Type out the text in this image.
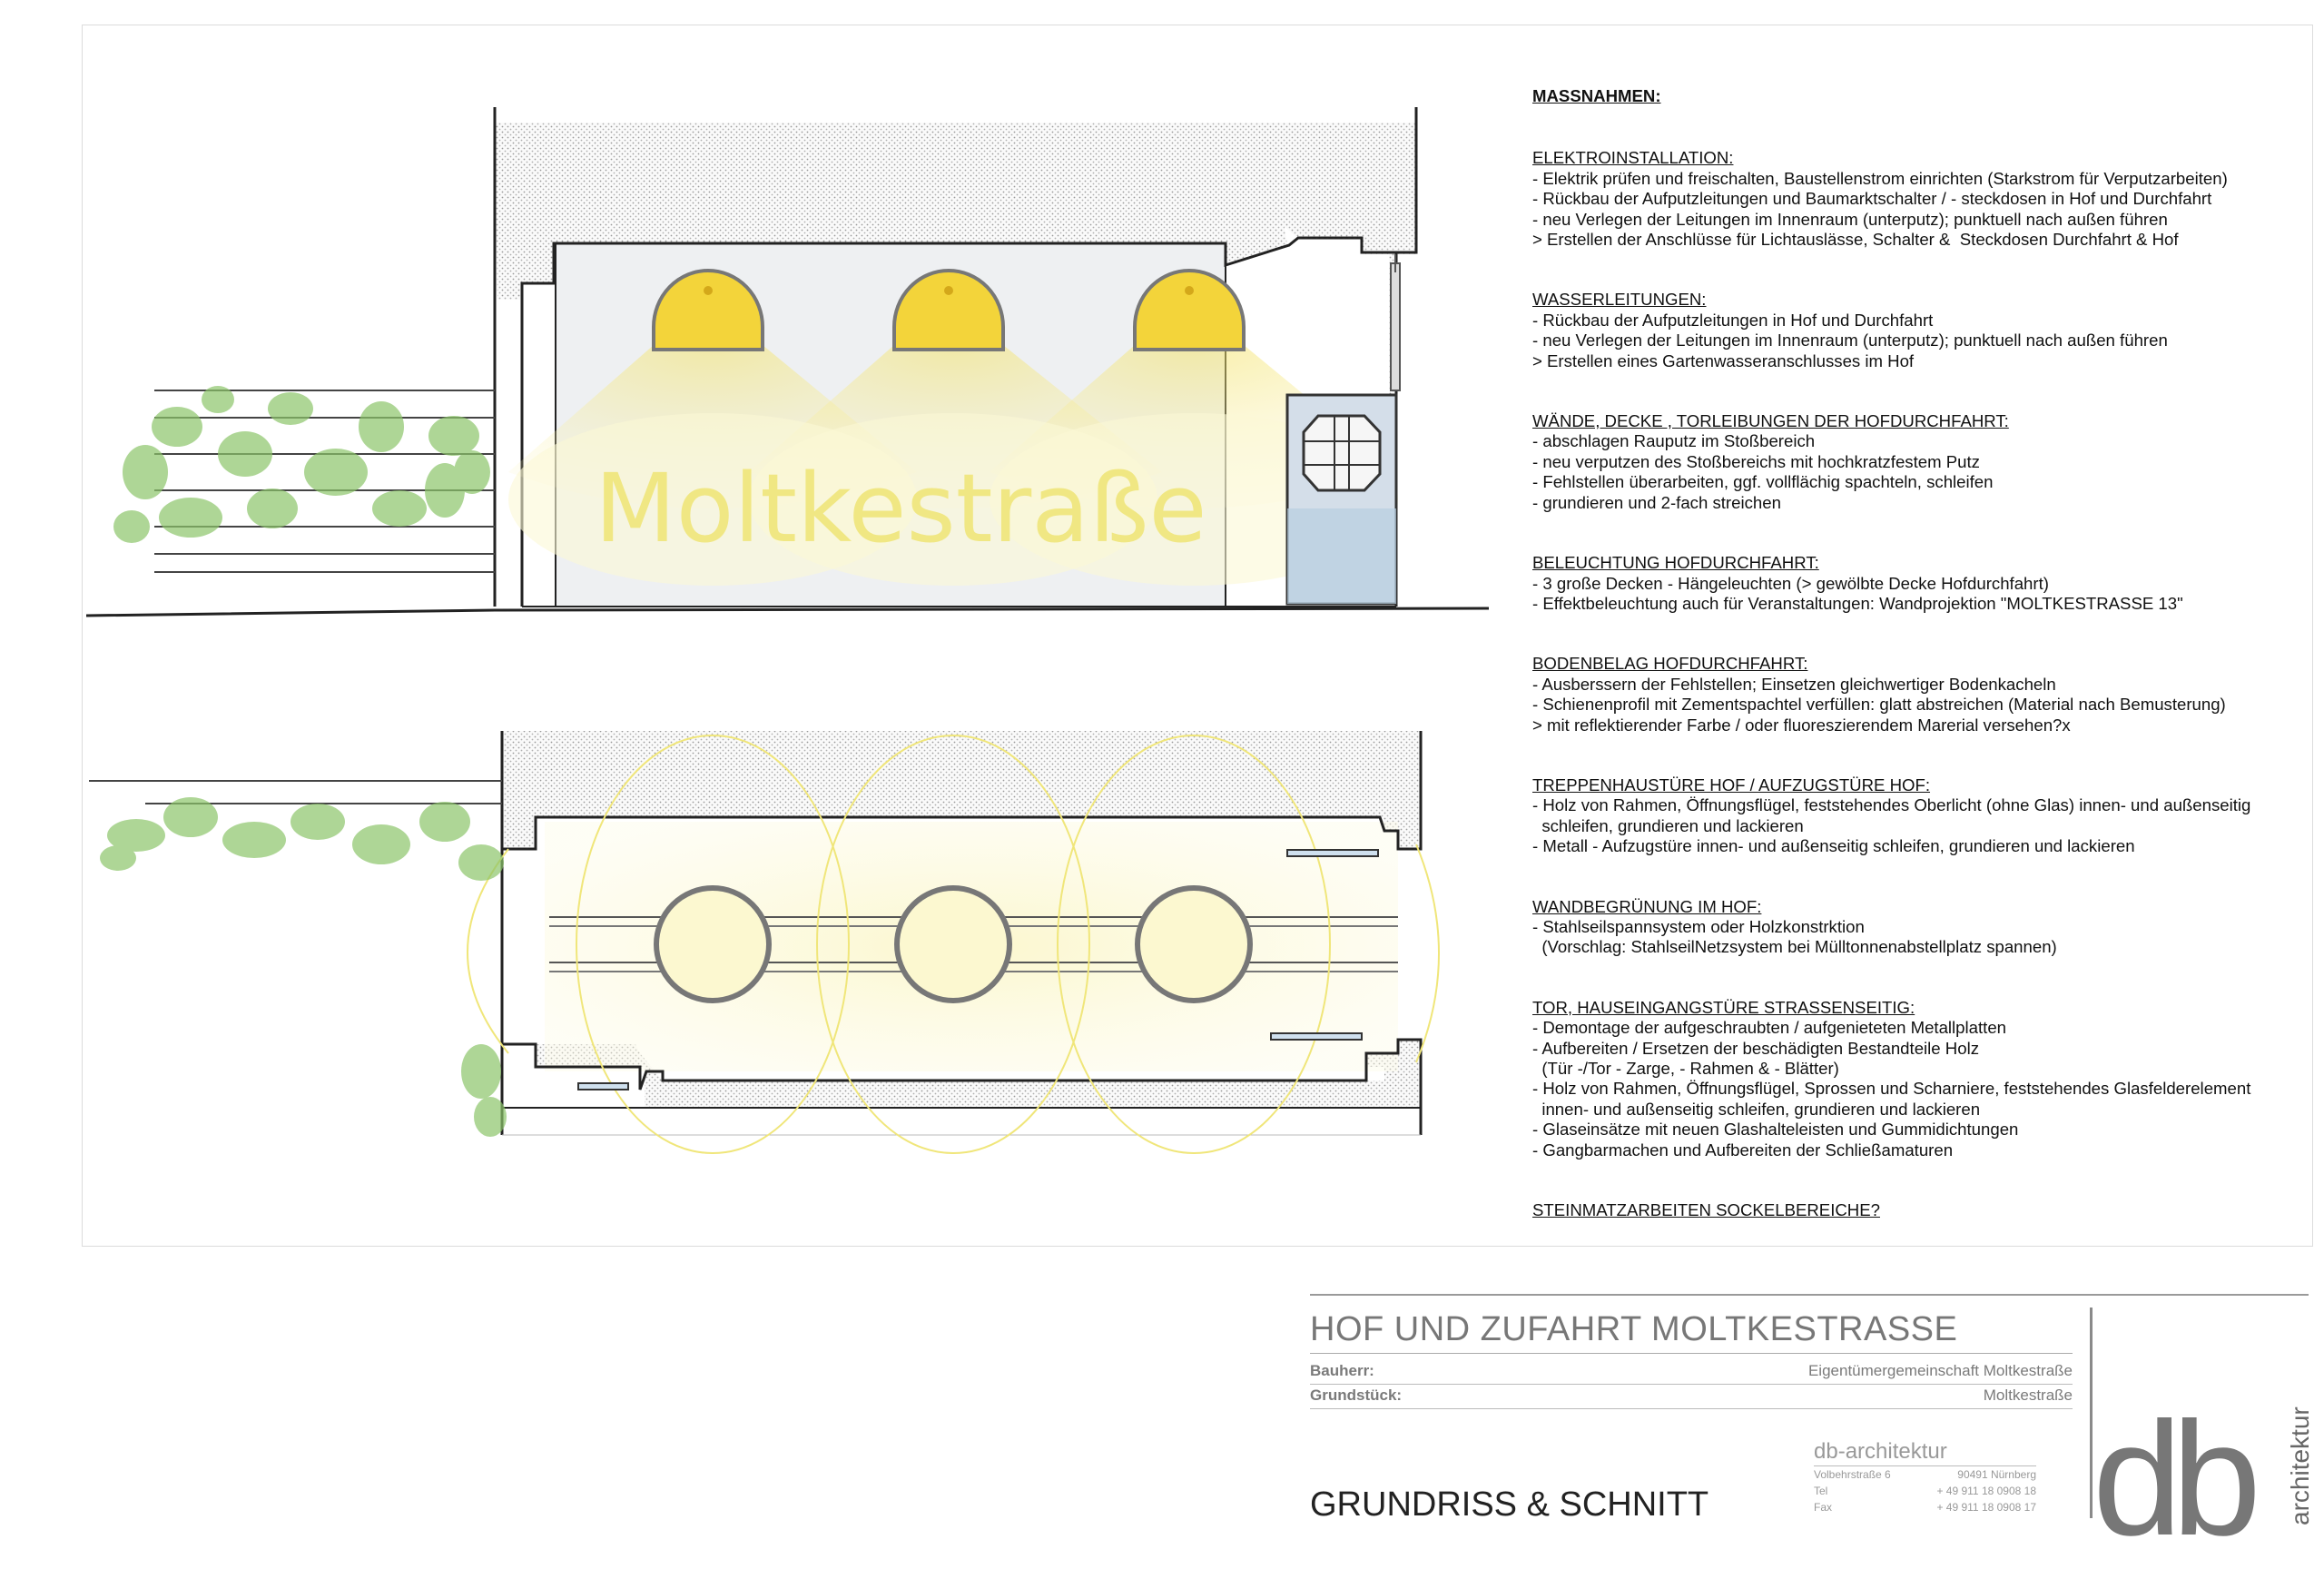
Moltkestraße
MASSNAHMEN:
ELEKTROINSTALLATION:
- Elektrik prüfen und freischalten, Baustellenstrom einrichten (Starkstrom für Verputzarbeiten)
- Rückbau der Aufputzleitungen und Baumarktschalter / - steckdosen in Hof und Durchfahrt
- neu Verlegen der Leitungen im Innenraum (unterputz); punktuell nach außen führen
> Erstellen der Anschlüsse für Lichtauslässe, Schalter &  Steckdosen Durchfahrt & Hof
WASSERLEITUNGEN:
- Rückbau der Aufputzleitungen in Hof und Durchfahrt
- neu Verlegen der Leitungen im Innenraum (unterputz); punktuell nach außen führen
> Erstellen eines Gartenwasseranschlusses im Hof
WÄNDE, DECKE , TORLEIBUNGEN DER HOFDURCHFAHRT:
- abschlagen Rauputz im Stoßbereich
- neu verputzen des Stoßbereichs mit hochkratzfestem Putz
- Fehlstellen überarbeiten, ggf. vollflächig spachteln, schleifen
- grundieren und 2-fach streichen
BELEUCHTUNG HOFDURCHFAHRT:
- 3 große Decken - Hängeleuchten (> gewölbte Decke Hofdurchfahrt)
- Effektbeleuchtung auch für Veranstaltungen: Wandprojektion "MOLTKESTRASSE 13"
BODENBELAG HOFDURCHFAHRT:
- Ausberssern der Fehlstellen; Einsetzen gleichwertiger Bodenkacheln
- Schienenprofil mit Zementspachtel verfüllen: glatt abstreichen (Material nach Bemusterung)
> mit reflektierender Farbe / oder fluoreszierendem Marerial versehen?x
TREPPENHAUSTÜRE HOF / AUFZUGSTÜRE HOF:
- Holz von Rahmen, Öffnungsflügel, feststehendes Oberlicht (ohne Glas) innen- und außenseitig
schleifen, grundieren und lackieren
- Metall - Aufzugstüre innen- und außenseitig schleifen, grundieren und lackieren
WANDBEGRÜNUNG IM HOF:
- Stahlseilspannsystem oder Holzkonstrktion
(Vorschlag: StahlseilNetzsystem bei Mülltonnenabstellplatz spannen)
TOR, HAUSEINGANGSTÜRE STRASSENSEITIG:
- Demontage der aufgeschraubten / aufgenieteten Metallplatten
- Aufbereiten / Ersetzen der beschädigten Bestandteile Holz
(Tür -/Tor - Zarge, - Rahmen & - Blätter)
- Holz von Rahmen, Öffnungsflügel, Sprossen und Scharniere, feststehendes Glasfelderelement
innen- und außenseitig schleifen, grundieren und lackieren
- Glaseinsätze mit neuen Glashalteleisten und Gummidichtungen
- Gangbarmachen und Aufbereiten der Schließamaturen
STEINMATZARBEITEN SOCKELBEREICHE?
HOF UND ZUFAHRT MOLTKESTRASSE
Bauherr:	Eigentümergemeinschaft Moltkestraße
Grundstück:	Moltkestraße
GRUNDRISS & SCHNITT
db-architektur
Volbehrstraße 6	90491 Nürnberg
Tel	+ 49 911 18 0908 18
Fax	+ 49 911 18 0908 17 db architektur
